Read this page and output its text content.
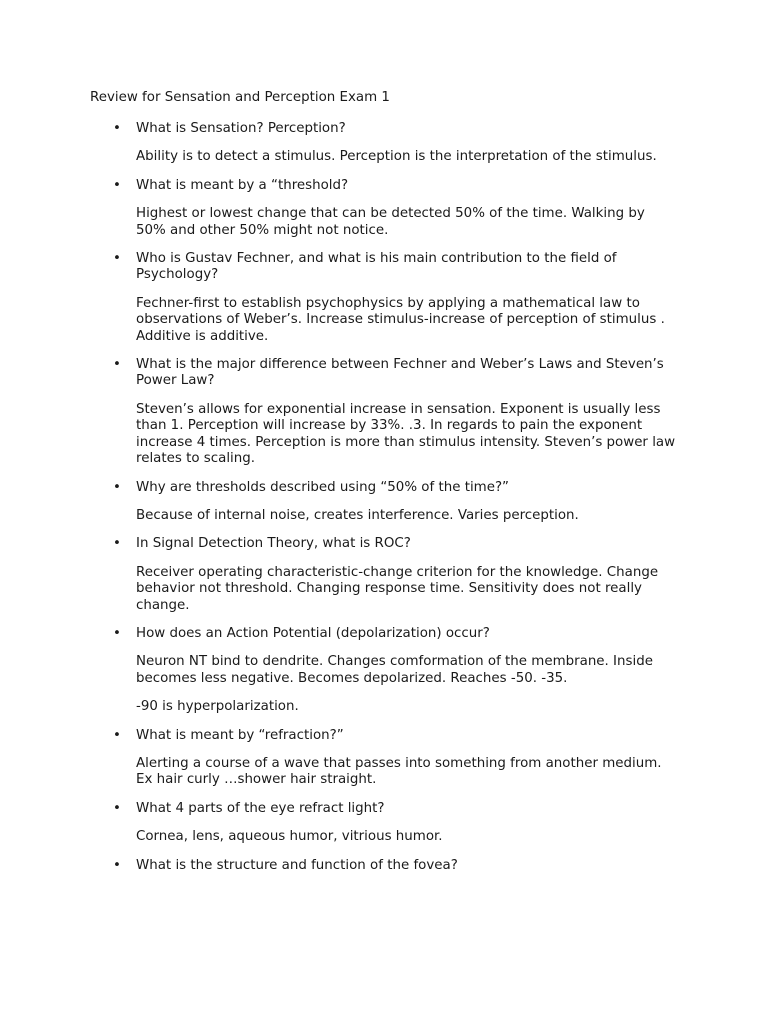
Review for Sensation and Perception Exam 1

• What is Sensation? Perception?
Ability is to detect a stimulus. Perception is the interpretation of the stimulus.
• What is meant by a “threshold?
Highest or lowest change that can be detected 50% of the time. Walking by 50% and other 50% might not notice.
• Who is Gustav Fechner, and what is his main contribution to the field of Psychology?
Fechner-first to establish psychophysics by applying a mathematical law to observations of Weber’s. Increase stimulus-increase of perception of stimulus . Additive is additive.
• What is the major difference between Fechner and Weber’s Laws and Steven’s Power Law?
Steven’s allows for exponential increase in sensation. Exponent is usually less than 1. Perception will increase by 33%. .3. In regards to pain the exponent increase 4 times. Perception is more than stimulus intensity. Steven’s power law relates to scaling.
• Why are thresholds described using “50% of the time?”
Because of internal noise, creates interference. Varies perception.
• In Signal Detection Theory, what is ROC?
Receiver operating characteristic-change criterion for the knowledge. Change behavior not threshold. Changing response time. Sensitivity does not really change.
• How does an Action Potential (depolarization) occur?
Neuron NT bind to dendrite. Changes comformation of the membrane. Inside becomes less negative. Becomes depolarized. Reaches -50. -35.
-90 is hyperpolarization.
• What is meant by “refraction?”
Alerting a course of a wave that passes into something from another medium. Ex hair curly …shower hair straight.
• What 4 parts of the eye refract light?
Cornea, lens, aqueous humor, vitrious humor.
• What is the structure and function of the fovea?
